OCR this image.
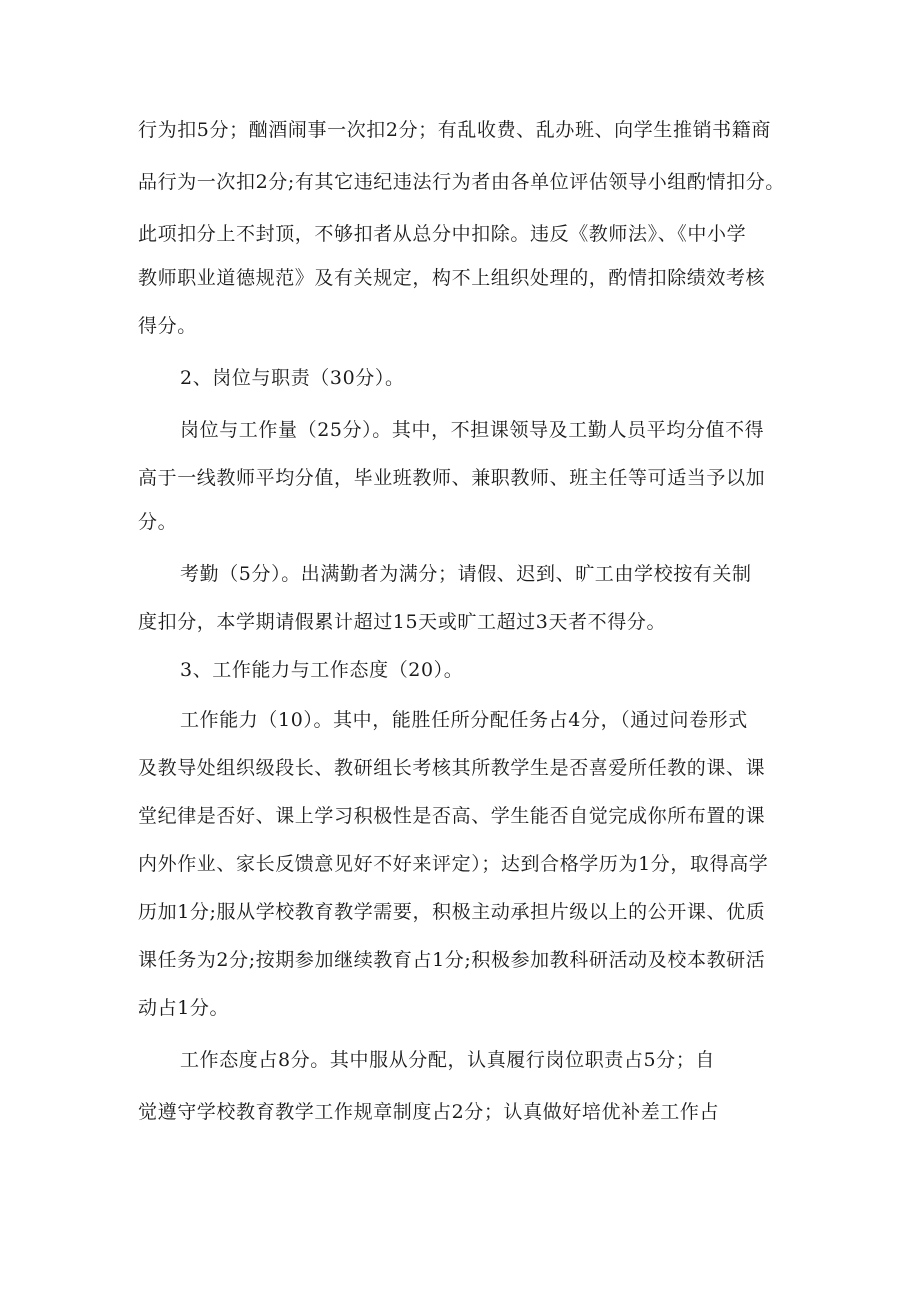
行为扣5分；酗酒闹事一次扣2分；有乱收费、乱办班、向学生推销书籍商
品行为一次扣2分;有其它违纪违法行为者由各单位评估领导小组酌情扣分。
此项扣分上不封顶，不够扣者从总分中扣除。违反《教师法》、《中小学
教师职业道德规范》及有关规定，构不上组织处理的，酌情扣除绩效考核
得分。
2、岗位与职责（30分）。
岗位与工作量（25分）。其中，不担课领导及工勤人员平均分值不得
高于一线教师平均分值，毕业班教师、兼职教师、班主任等可适当予以加
分。
考勤（5分）。出满勤者为满分；请假、迟到、旷工由学校按有关制
度扣分，本学期请假累计超过15天或旷工超过3天者不得分。
3、工作能力与工作态度（20）。
工作能力（10）。其中，能胜任所分配任务占4分，（通过问卷形式
及教导处组织级段长、教研组长考核其所教学生是否喜爱所任教的课、课
堂纪律是否好、课上学习积极性是否高、学生能否自觉完成你所布置的课
内外作业、家长反馈意见好不好来评定）；达到合格学历为1分，取得高学
历加1分;服从学校教育教学需要，积极主动承担片级以上的公开课、优质
课任务为2分;按期参加继续教育占1分;积极参加教科研活动及校本教研活
动占1分。
工作态度占8分。其中服从分配，认真履行岗位职责占5分；自
觉遵守学校教育教学工作规章制度占2分；认真做好培优补差工作占
